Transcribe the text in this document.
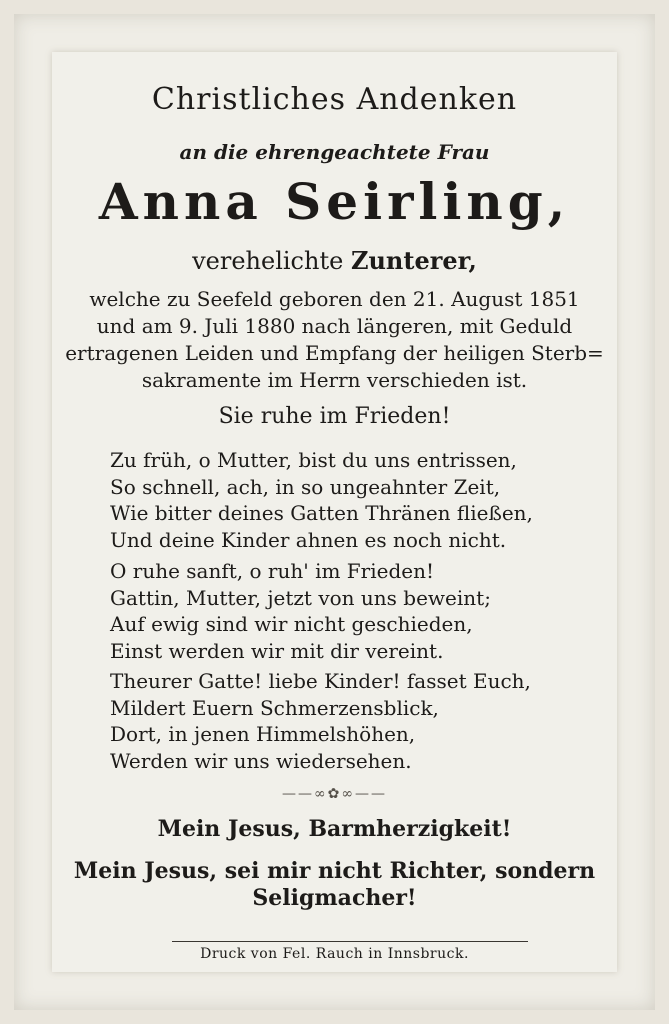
Christliches Andenken
an die ehrengeachtete Frau
Anna Seirling,
verehelichte Zunterer,
welche zu Seefeld geboren den 21. August 1851
und am 9. Juli 1880 nach längeren, mit Geduld
ertragenen Leiden und Empfang der heiligen Sterb=
sakramente im Herrn verschieden ist.
Sie ruhe im Frieden!
Zu früh, o Mutter, bist du uns entrissen,
So schnell, ach, in so ungeahnter Zeit,
Wie bitter deines Gatten Thränen fließen,
Und deine Kinder ahnen es noch nicht.
O ruhe sanft, o ruh' im Frieden!
Gattin, Mutter, jetzt von uns beweint;
Auf ewig sind wir nicht geschieden,
Einst werden wir mit dir vereint.
Theurer Gatte! liebe Kinder! fasset Euch,
Mildert Euern Schmerzensblick,
Dort, in jenen Himmelshöhen,
Werden wir uns wiedersehen.
——∞✿∞——
Mein Jesus, Barmherzigkeit!
Mein Jesus, sei mir nicht Richter, sondern
Seligmacher!
Druck von Fel. Rauch in Innsbruck.
